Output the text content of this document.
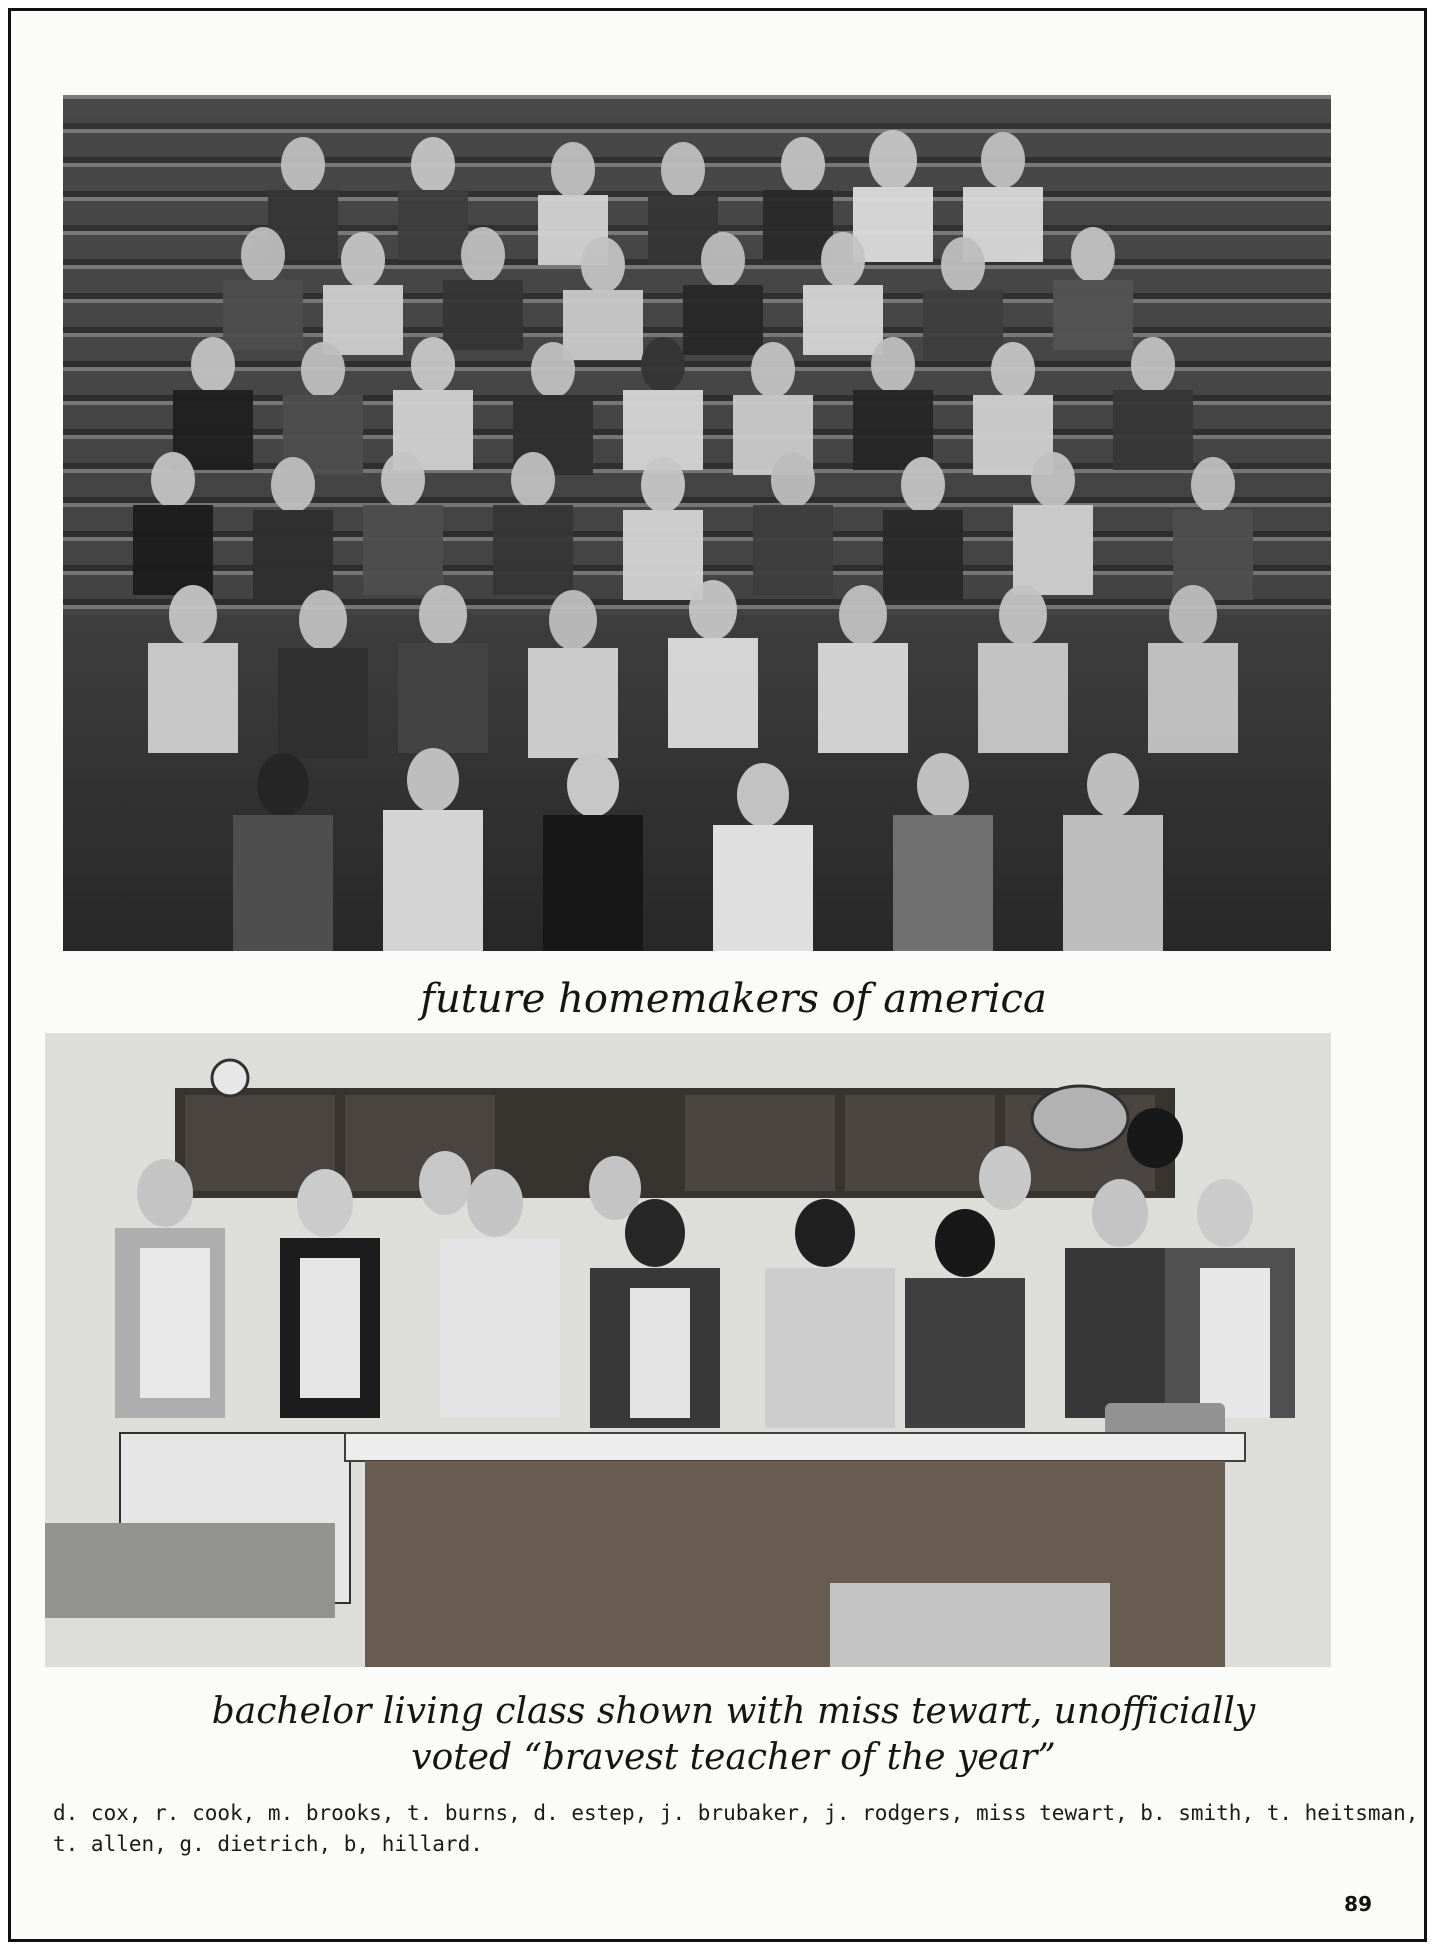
future homemakers of america
bachelor living class shown with miss tewart, unofficially
voted “bravest teacher of the year”
d. cox, r. cook, m. brooks, t. burns, d. estep, j. brubaker, j. rodgers, miss tewart, b. smith, t. heitsman,
t. allen, g. dietrich, b, hillard.
89
